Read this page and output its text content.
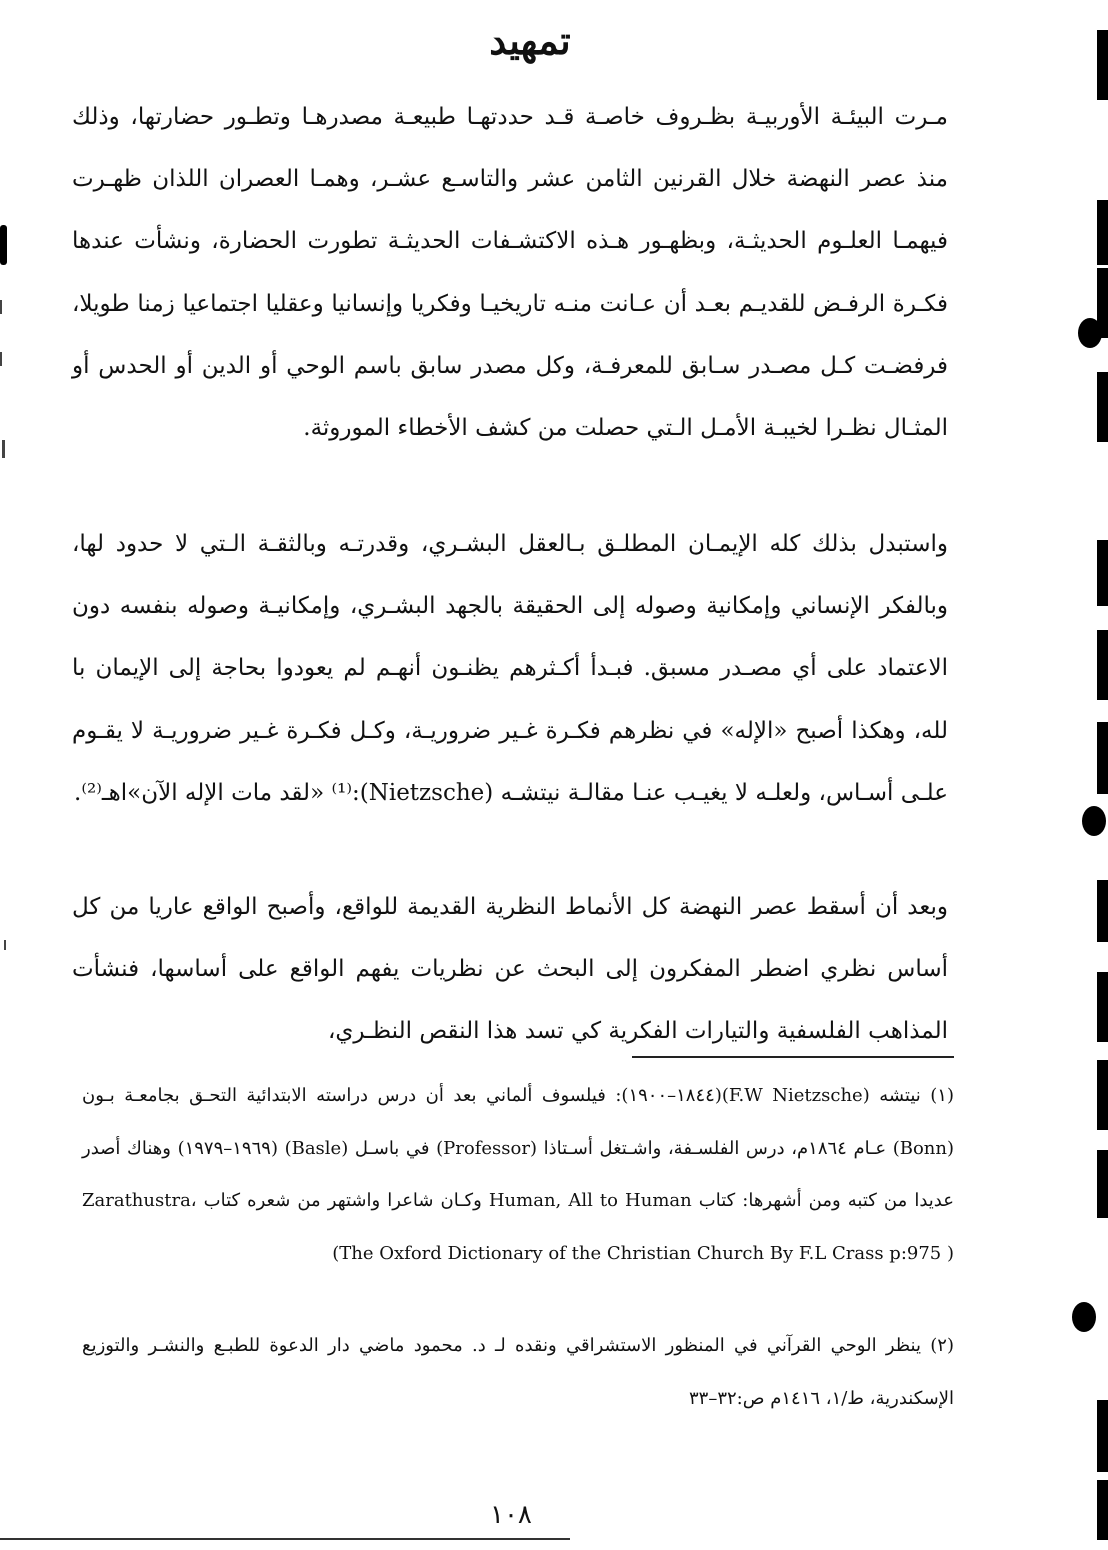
تمهيد
مـرت البيئـة الأوربيـة بظـروف خاصـة قـد حددتهـا طبيعـة مصدرهـا وتطـور حضارتها، وذلك منذ عصر النهضة خلال القرنين الثامن عشر والتاسـع عشـر، وهمـا العصران اللذان ظهـرت فيهمـا العلـوم الحديثـة، وبظهـور هـذه الاكتشـفات الحديثـة تطورت الحضارة، ونشأت عندها فكـرة الرفـض للقديـم بعـد أن عـانت منـه تاريخيـا وفكريا وإنسانيا وعقليا اجتماعيا زمنا طويلا، فرفضـت كـل مصـدر سـابق للمعرفـة، وكل مصدر سابق باسم الوحي أو الدين أو الحدس أو المثـال نظـرا لخيبـة الأمـل الـتي حصلت من كشف الأخطاء الموروثة.
واستبدل بذلك كله الإيمـان المطلـق بـالعقل البشـري، وقدرتـه وبالثقـة الـتي لا حدود لها، وبالفكر الإنساني وإمكانية وصوله إلى الحقيقة بالجهد البشـري، وإمكانيـة وصوله بنفسه دون الاعتماد على أي مصـدر مسبق. فبـدأ أكـثرهم يظنـون أنهـم لم يعودوا بحاجة إلى الإيمان با لله، وهكذا أصبح «الإله» في نظرهم فكـرة غـير ضروريـة، وكـل فكـرة غـير ضروريـة لا يقـوم علـى أسـاس، ولعلـه لا يغيـب عنـا مقالـة نيتشـه (Nietzsche):⁽¹⁾ «لقد مات الإله الآن»اهـ⁽²⁾.
وبعد أن أسقط عصر النهضة كل الأنماط النظرية القديمة للواقع، وأصبح الواقع عاريا من كل أساس نظري اضطر المفكرون إلى البحث عن نظريات يفهم الواقع على أساسها، فنشأت المذاهب الفلسفية والتيارات الفكرية كي تسد هذا النقص النظـري،
(١) نيتشه (F.W Nietzsche)(١٨٤٤–١٩٠٠): فيلسوف ألماني بعد أن درس دراسته الابتدائية التحـق بجامعـة بـون (Bonn) عـام ١٨٦٤م، درس الفلسـفة، واشـتغل أسـتاذا (Professor) في باسـل (Basle) (١٩٦٩–١٩٧٩) وهناك أصدر عديدا من كتبه ومن أشهرها: كتاب Human, All to Human وكـان شاعرا واشتهر من شعره كتاب Zarathustra، (The Oxford Dictionary of the Christian Church By F.L Crass p:975 )
(٢) ينظر الوحي القرآني في المنظور الاستشراقي ونقده لـ د. محمود ماضي دار الدعوة للطبـع والنشـر والتوزيع الإسكندرية، ط/١، ١٤١٦م ص:٣٢–٣٣
١٠٨
